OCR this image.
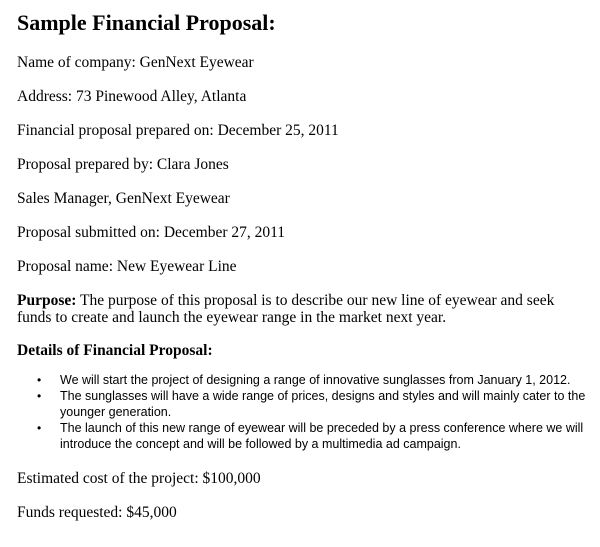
Sample Financial Proposal:
Name of company: GenNext Eyewear
Address: 73 Pinewood Alley, Atlanta
Financial proposal prepared on: December 25, 2011
Proposal prepared by: Clara Jones
Sales Manager, GenNext Eyewear
Proposal submitted on: December 27, 2011
Proposal name: New Eyewear Line

Purpose: The purpose of this proposal is to describe our new line of eyewear and seek funds to create and launch the eyewear range in the market next year.

Details of Financial Proposal:
• We will start the project of designing a range of innovative sunglasses from January 1, 2012.
• The sunglasses will have a wide range of prices, designs and styles and will mainly cater to the younger generation.
• The launch of this new range of eyewear will be preceded by a press conference where we will introduce the concept and will be followed by a multimedia ad campaign.
Estimated cost of the project: $100,000
Funds requested: $45,000
